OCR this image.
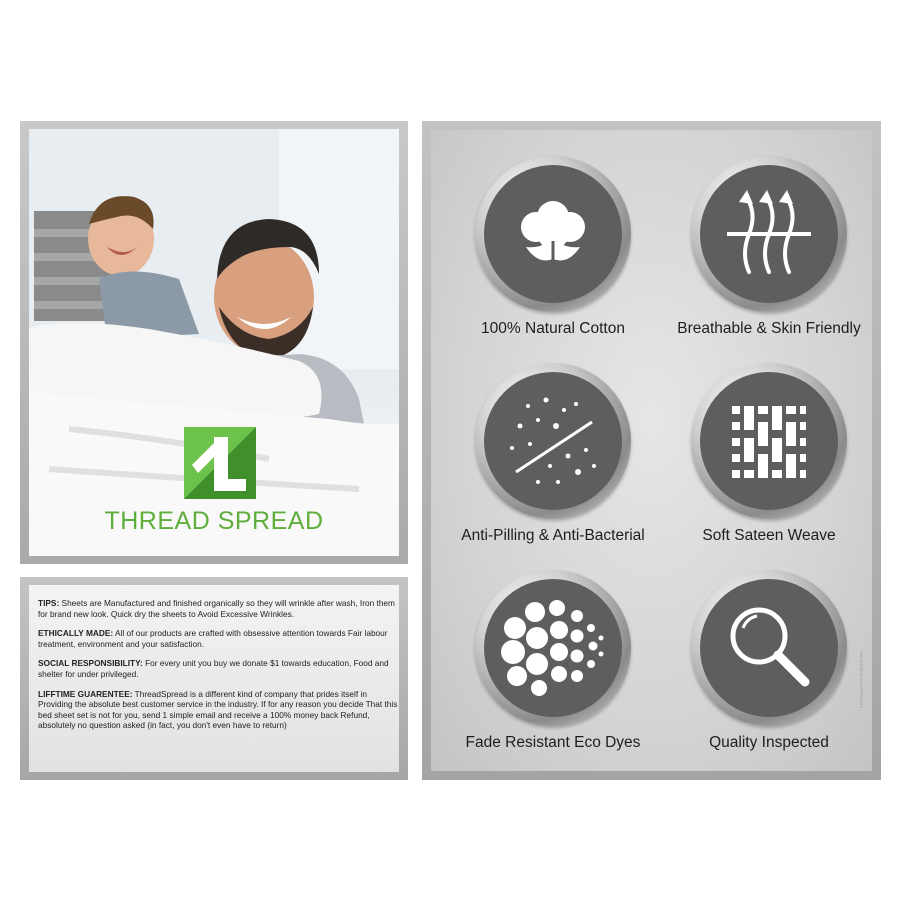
THREAD SPREAD

TIPS: Sheets are Manufactured and finished organically so they will wrinkle after wash, Iron them for brand new look. Quick dry the sheets to Avoid Excessive Wrinkles.

ETHICALLY MADE: All of our products are crafted with obsessive attention towards Fair labour treatment, environment and your satisfaction.

SOCIAL RESPONSIBILITY: For every unit you buy we donate $1 towards education, Food and shelter for under privileged.

LIFFTIME GUARENTEE: ThreadSpread is a different kind of company that prides itself in Providing the absolute best customer service in the industry. If for any reason you decide That this bed sheet set is not for you, send 1 simple email and receive a 100% money back Refund, absolutely no question asked (in fact, you don't even have to return)

100% Natural Cotton	Breathable & Skin Friendly
Anti-Pilling & Anti-Bacterial	Soft Sateen Weave
Fade Resistant Eco Dyes	Quality Inspected
THE ELEMENTS COPYRIGHTS
